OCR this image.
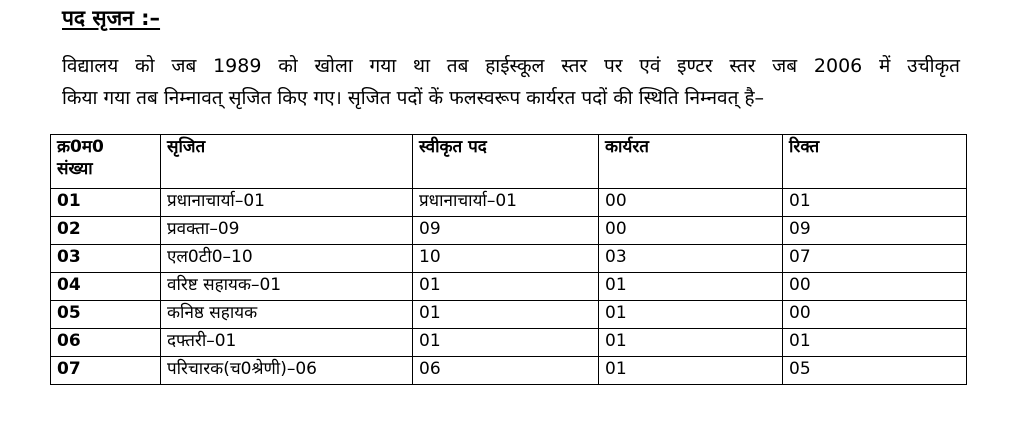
पद सृजन :–
विद्यालय को जब 1989 को खोला गया था तब हाईस्कूल स्तर पर एवं इण्टर स्तर जब 2006 में उचीकृत
किया गया तब निम्नावत् सृजित किए गए। सृजित पदों कें फलस्वरूप कार्यरत पदों की स्थिति निम्नवत् है–
क्र0म0
संख्या	सृजित	स्वीकृत पद	कार्यरत	रिक्त
01	प्रधानाचार्या–01	प्रधानाचार्या–01	00	01
02	प्रवक्ता–09	09	00	09
03	एल0टी0–10	10	03	07
04	वरिष्ट सहायक–01	01	01	00
05	कनिष्ठ सहायक	01	01	00
06	दफ्तरी–01	01	01	01
07	परिचारक(च0श्रेणी)–06	06	01	05
